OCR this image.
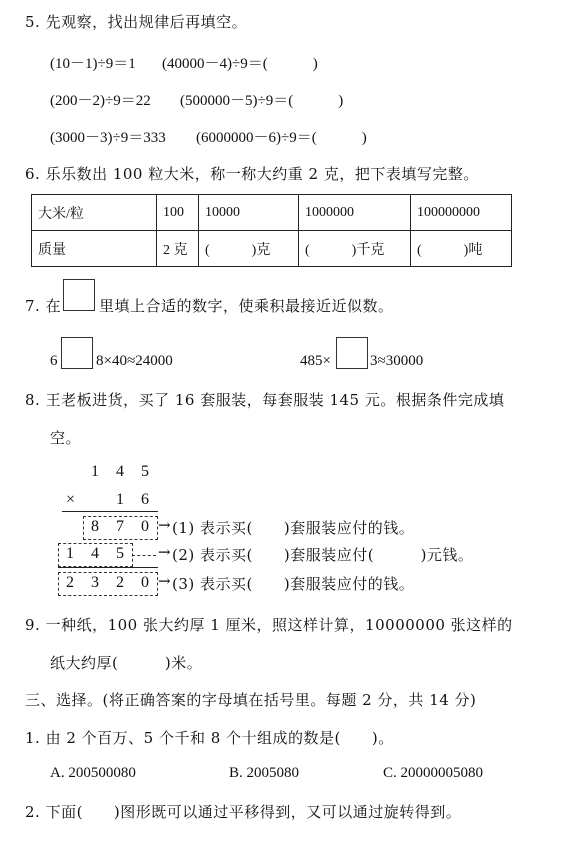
5. 先观察，找出规律后再填空。
(10－1)÷9＝1 (40000－4)÷9＝(　　　)
(200－2)÷9＝22 (500000－5)÷9＝(　　　)
(3000－3)÷9＝333 (6000000－6)÷9＝(　　　)
6. 乐乐数出 100 粒大米，称一称大约重 2 克，把下表填写完整。
大米/粒	100	10000	1000000	100000000
质量	2 克	(　　　)克	(　　　)千克	(　　　)吨
7. 在	里填上合适的数字，使乘积最接近近似数。
6	8×40≈24000	485×	3≈30000
8. 王老板进货，买了 16 套服装，每套服装 145 元。根据条件完成填
空。
1 4 5
×	1 6
8 7 0 → (1) 表示买(　　)套服装应付的钱。
1 4 5 → (2) 表示买(　　)套服装应付(　　　)元钱。
2 3 2 0 → (3) 表示买(　　)套服装应付的钱。
9. 一种纸，100 张大约厚 1 厘米，照这样计算，10000000 张这样的
纸大约厚(　　　)米。
三、选择。(将正确答案的字母填在括号里。每题 2 分，共 14 分)
1. 由 2 个百万、5 个千和 8 个十组成的数是(　　)。
A. 200500080	B. 2005080	C. 20000005080
2. 下面(　　)图形既可以通过平移得到，又可以通过旋转得到。
